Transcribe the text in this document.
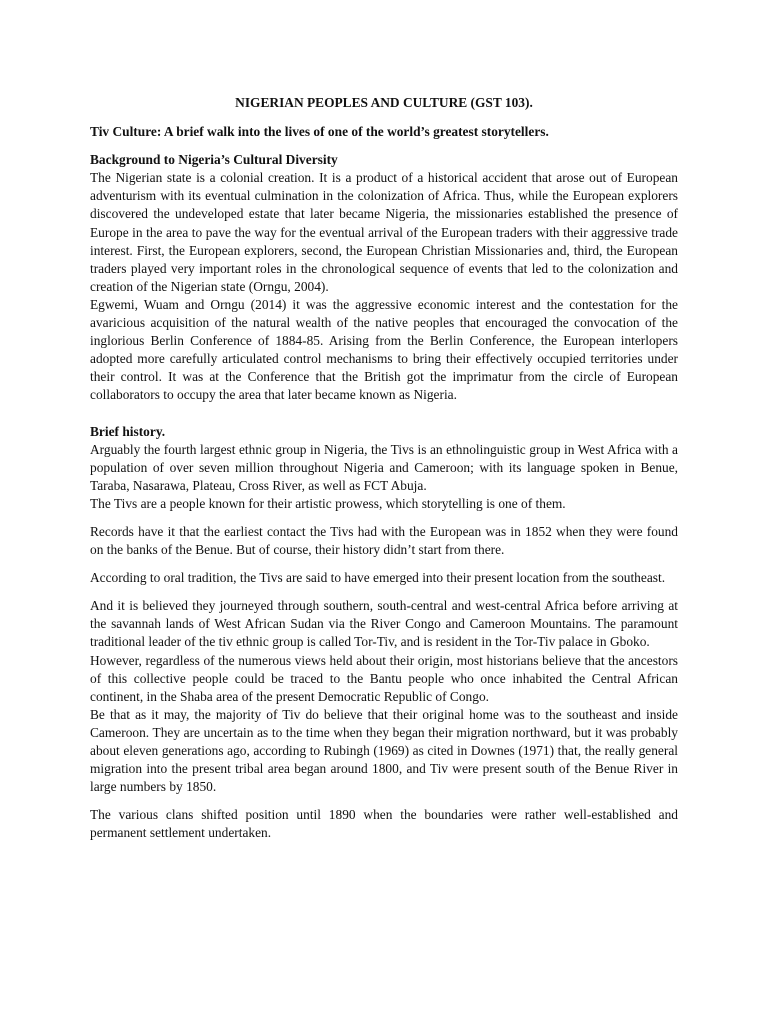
NIGERIAN PEOPLES AND CULTURE (GST 103).
Tiv Culture: A brief walk into the lives of one of the world’s greatest storytellers.
Background to Nigeria’s Cultural Diversity

The Nigerian state is a colonial creation. It is a product of a historical accident that arose out of European adventurism with its eventual culmination in the colonization of Africa. Thus, while the European explorers discovered the undeveloped estate that later became Nigeria, the missionaries established the presence of Europe in the area to pave the way for the eventual arrival of the European traders with their aggressive trade interest. First, the European explorers, second, the European Christian Missionaries and, third, the European traders played very important roles in the chronological sequence of events that led to the colonization and creation of the Nigerian state (Orngu, 2004).

Egwemi, Wuam and Orngu (2014) it was the aggressive economic interest and the contestation for the avaricious acquisition of the natural wealth of the native peoples that encouraged the convocation of the inglorious Berlin Conference of 1884-85. Arising from the Berlin Conference, the European interlopers adopted more carefully articulated control mechanisms to bring their effectively occupied territories under their control. It was at the Conference that the British got the imprimatur from the circle of European collaborators to occupy the area that later became known as Nigeria.

Brief history.

Arguably the fourth largest ethnic group in Nigeria, the Tivs is an ethnolinguistic group in West Africa with a population of over seven million throughout Nigeria and Cameroon; with its language spoken in Benue, Taraba, Nasarawa, Plateau, Cross River, as well as FCT Abuja.

The Tivs are a people known for their artistic prowess, which storytelling is one of them.

Records have it that the earliest contact the Tivs had with the European was in 1852 when they were found on the banks of the Benue. But of course, their history didn’t start from there.

According to oral tradition, the Tivs are said to have emerged into their present location from the southeast.

And it is believed they journeyed through southern, south-central and west-central Africa before arriving at the savannah lands of West African Sudan via the River Congo and Cameroon Mountains. The paramount traditional leader of the tiv ethnic group is called Tor-Tiv, and is resident in the Tor-Tiv palace in Gboko.

However, regardless of the numerous views held about their origin, most historians believe that the ancestors of this collective people could be traced to the Bantu people who once inhabited the Central African continent, in the Shaba area of the present Democratic Republic of Congo.

Be that as it may, the majority of Tiv do believe that their original home was to the southeast and inside Cameroon. They are uncertain as to the time when they began their migration northward, but it was probably about eleven generations ago, according to Rubingh (1969) as cited in Downes (1971) that, the really general migration into the present tribal area began around 1800, and Tiv were present south of the Benue River in large numbers by 1850.

The various clans shifted position until 1890 when the boundaries were rather well-established and permanent settlement undertaken.
